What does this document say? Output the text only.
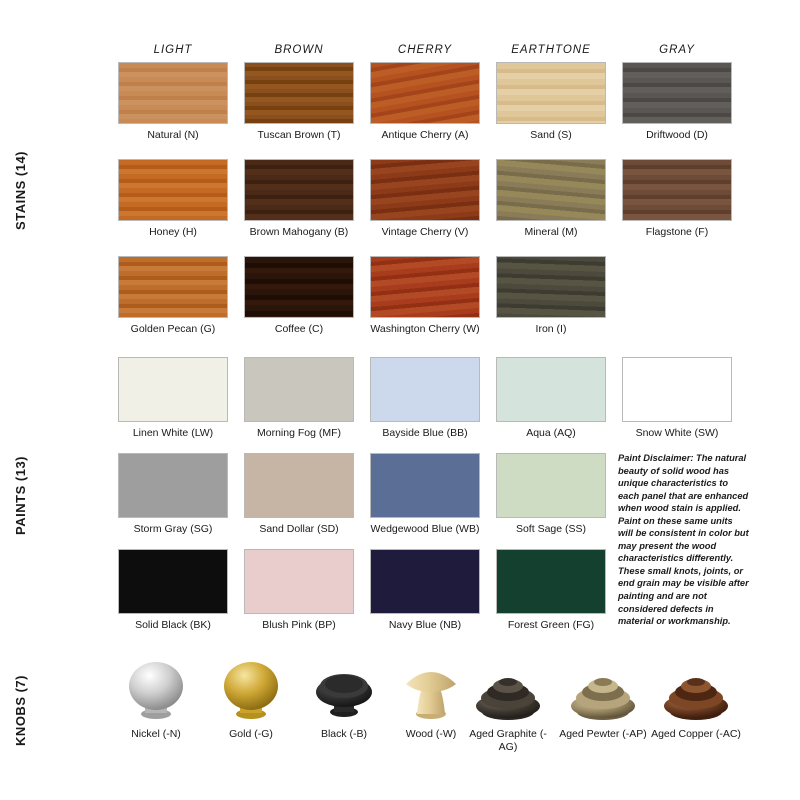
STAINS (14)
LIGHT	BROWN	CHERRY	EARTHTONE	GRAY
Natural (N)	Tuscan Brown (T)	Antique Cherry (A)	Sand (S)	Driftwood (D)
Honey (H)	Brown Mahogany (B)	Vintage Cherry (V)	Mineral (M)	Flagstone (F)
Golden Pecan (G)	Coffee (C)	Washington Cherry (W)	Iron (I)
PAINTS (13)
Linen White (LW)	Morning Fog (MF)	Bayside Blue (BB)	Aqua (AQ)	Snow White (SW)
Storm Gray (SG)	Sand Dollar (SD)	Wedgewood Blue (WB)	Soft Sage (SS)
Solid Black (BK)	Blush Pink (BP)	Navy Blue (NB)	Forest Green (FG)
Paint Disclaimer: The natural beauty of solid wood has unique characteristics to each panel that are enhanced when wood stain is applied. Paint on these same units will be consistent in color but may present the wood characteristics differently. These small knots, joints, or end grain may be visible after painting and are not considered defects in material or workmanship.
KNOBS (7)	Nickel (-N)	Gold (-G)	Black (-B)	Wood (-W)	Aged Graphite (-AG)
Aged Pewter (-AP) Aged Copper (-AC)
